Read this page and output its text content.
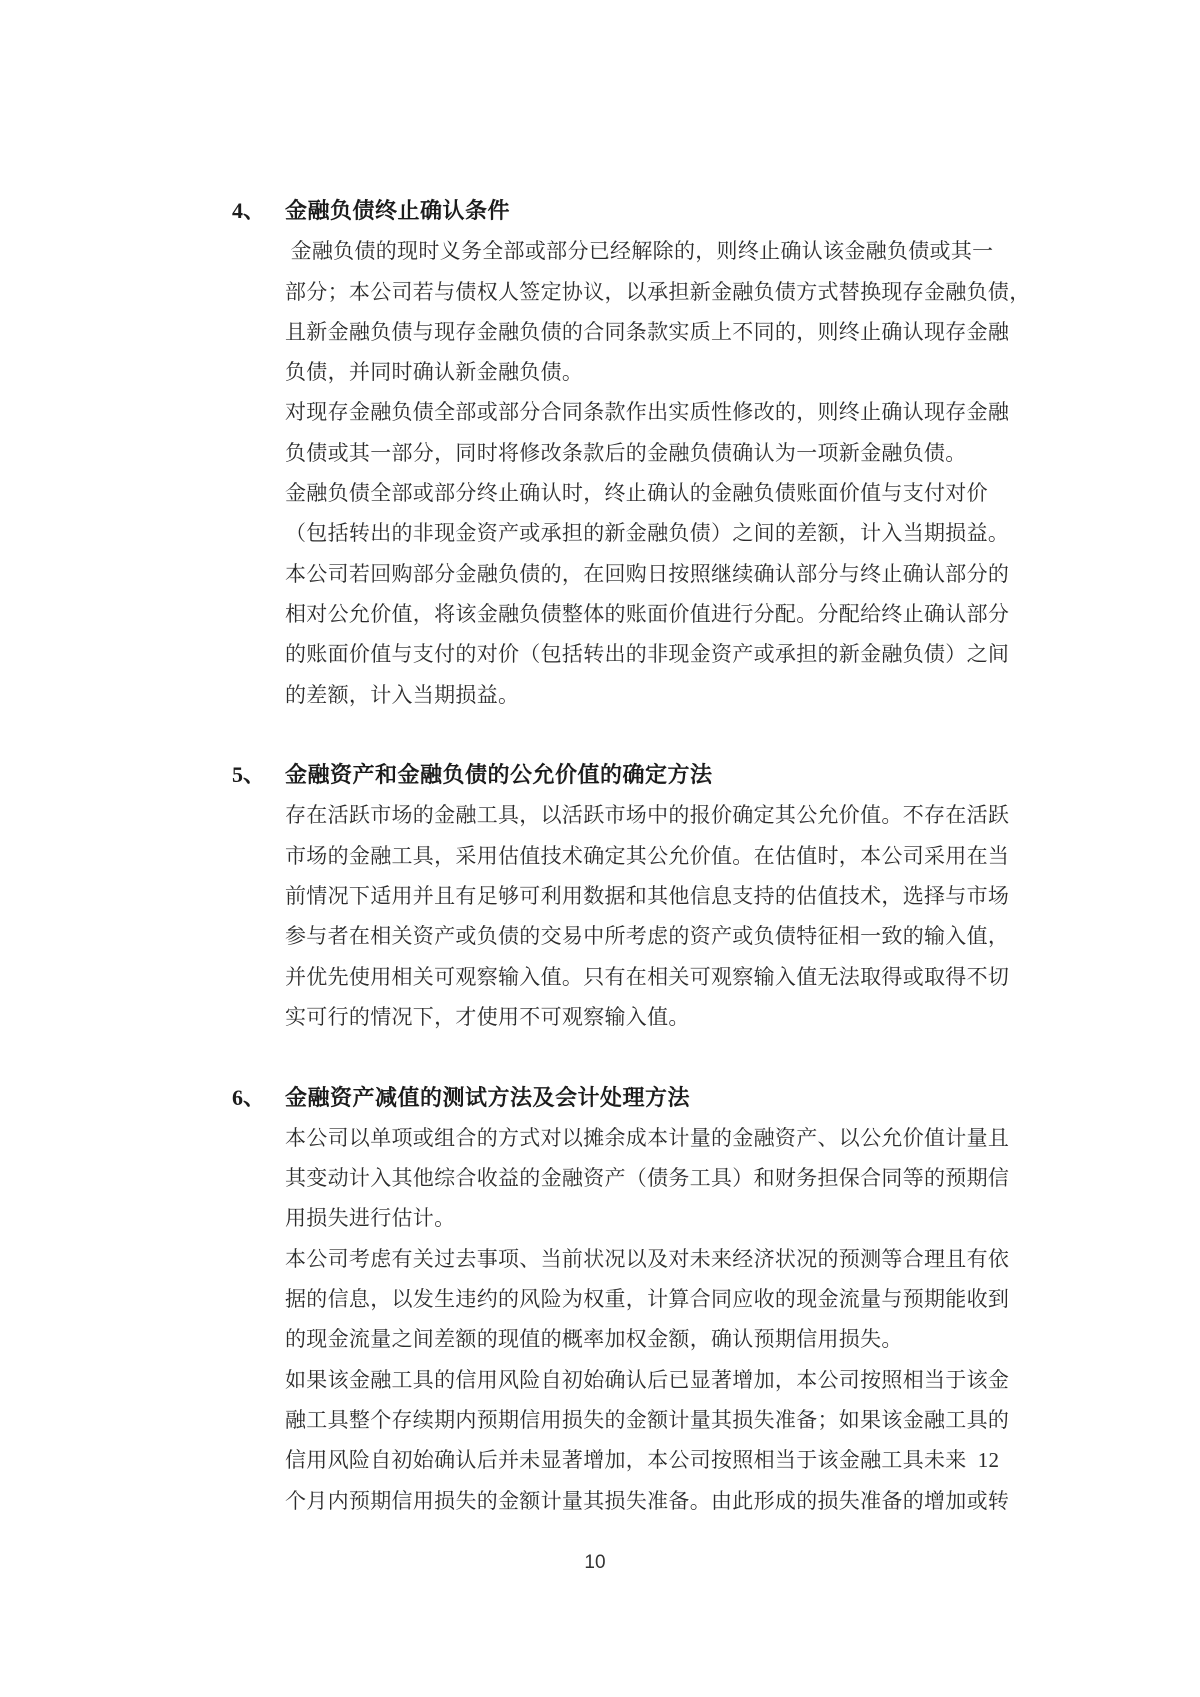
4、 金融负债终止确认条件
金融负债的现时义务全部或部分已经解除的，则终止确认该金融负债或其一
部分；本公司若与债权人签定协议，以承担新金融负债方式替换现存金融负债，
且新金融负债与现存金融负债的合同条款实质上不同的，则终止确认现存金融
负债，并同时确认新金融负债。
对现存金融负债全部或部分合同条款作出实质性修改的，则终止确认现存金融
负债或其一部分，同时将修改条款后的金融负债确认为一项新金融负债。
金融负债全部或部分终止确认时，终止确认的金融负债账面价值与支付对价
（包括转出的非现金资产或承担的新金融负债）之间的差额，计入当期损益。
本公司若回购部分金融负债的，在回购日按照继续确认部分与终止确认部分的
相对公允价值，将该金融负债整体的账面价值进行分配。分配给终止确认部分
的账面价值与支付的对价（包括转出的非现金资产或承担的新金融负债）之间
的差额，计入当期损益。
5、 金融资产和金融负债的公允价值的确定方法
存在活跃市场的金融工具，以活跃市场中的报价确定其公允价值。不存在活跃
市场的金融工具，采用估值技术确定其公允价值。在估值时，本公司采用在当
前情况下适用并且有足够可利用数据和其他信息支持的估值技术，选择与市场
参与者在相关资产或负债的交易中所考虑的资产或负债特征相一致的输入值，
并优先使用相关可观察输入值。只有在相关可观察输入值无法取得或取得不切
实可行的情况下，才使用不可观察输入值。
6、 金融资产减值的测试方法及会计处理方法
本公司以单项或组合的方式对以摊余成本计量的金融资产、以公允价值计量且
其变动计入其他综合收益的金融资产（债务工具）和财务担保合同等的预期信
用损失进行估计。
本公司考虑有关过去事项、当前状况以及对未来经济状况的预测等合理且有依
据的信息，以发生违约的风险为权重，计算合同应收的现金流量与预期能收到
的现金流量之间差额的现值的概率加权金额，确认预期信用损失。
如果该金融工具的信用风险自初始确认后已显著增加，本公司按照相当于该金
融工具整个存续期内预期信用损失的金额计量其损失准备；如果该金融工具的
信用风险自初始确认后并未显著增加，本公司按照相当于该金融工具未来  12
个月内预期信用损失的金额计量其损失准备。由此形成的损失准备的增加或转
10
